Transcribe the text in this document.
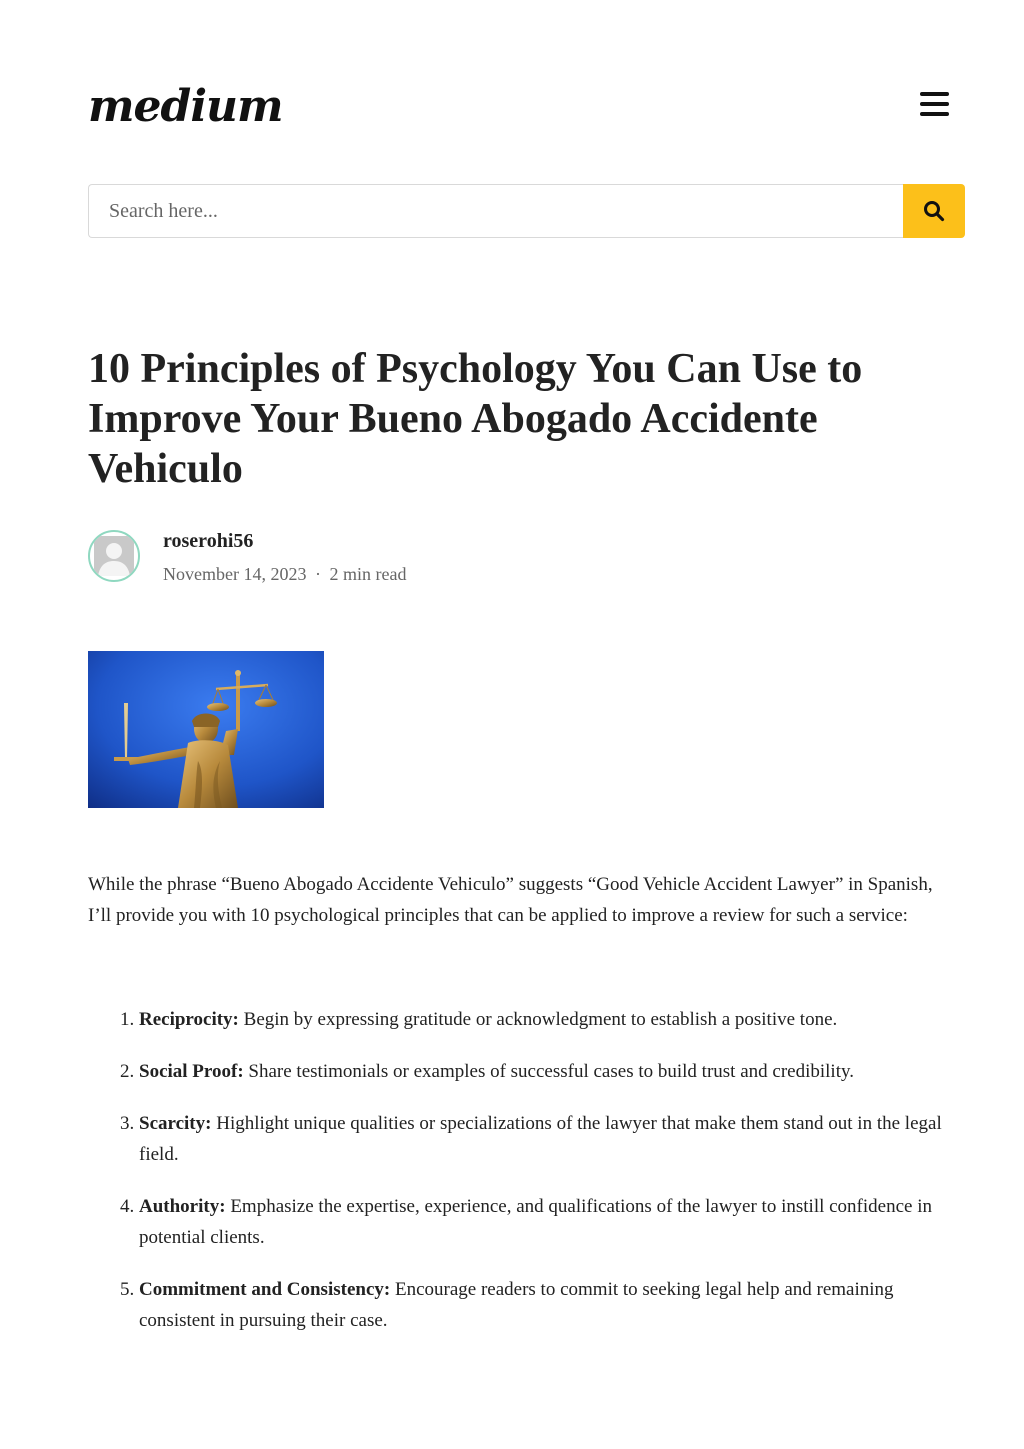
medium
Search here...
10 Principles of Psychology You Can Use to Improve Your Bueno Abogado Accidente Vehiculo
roserohi56
November 14, 2023 · 2 min read

While the phrase “Bueno Abogado Accidente Vehiculo” suggests “Good Vehicle Accident Lawyer” in Spanish, I’ll provide you with 10 psychological principles that can be applied to improve a review for such a service:

1. Reciprocity: Begin by expressing gratitude or acknowledgment to establish a positive tone.
2. Social Proof: Share testimonials or examples of successful cases to build trust and credibility.
3. Scarcity: Highlight unique qualities or specializations of the lawyer that make them stand out in the legal field.
4. Authority: Emphasize the expertise, experience, and qualifications of the lawyer to instill confidence in potential clients.
5. Commitment and Consistency: Encourage readers to commit to seeking legal help and remaining consistent in pursuing their case.
